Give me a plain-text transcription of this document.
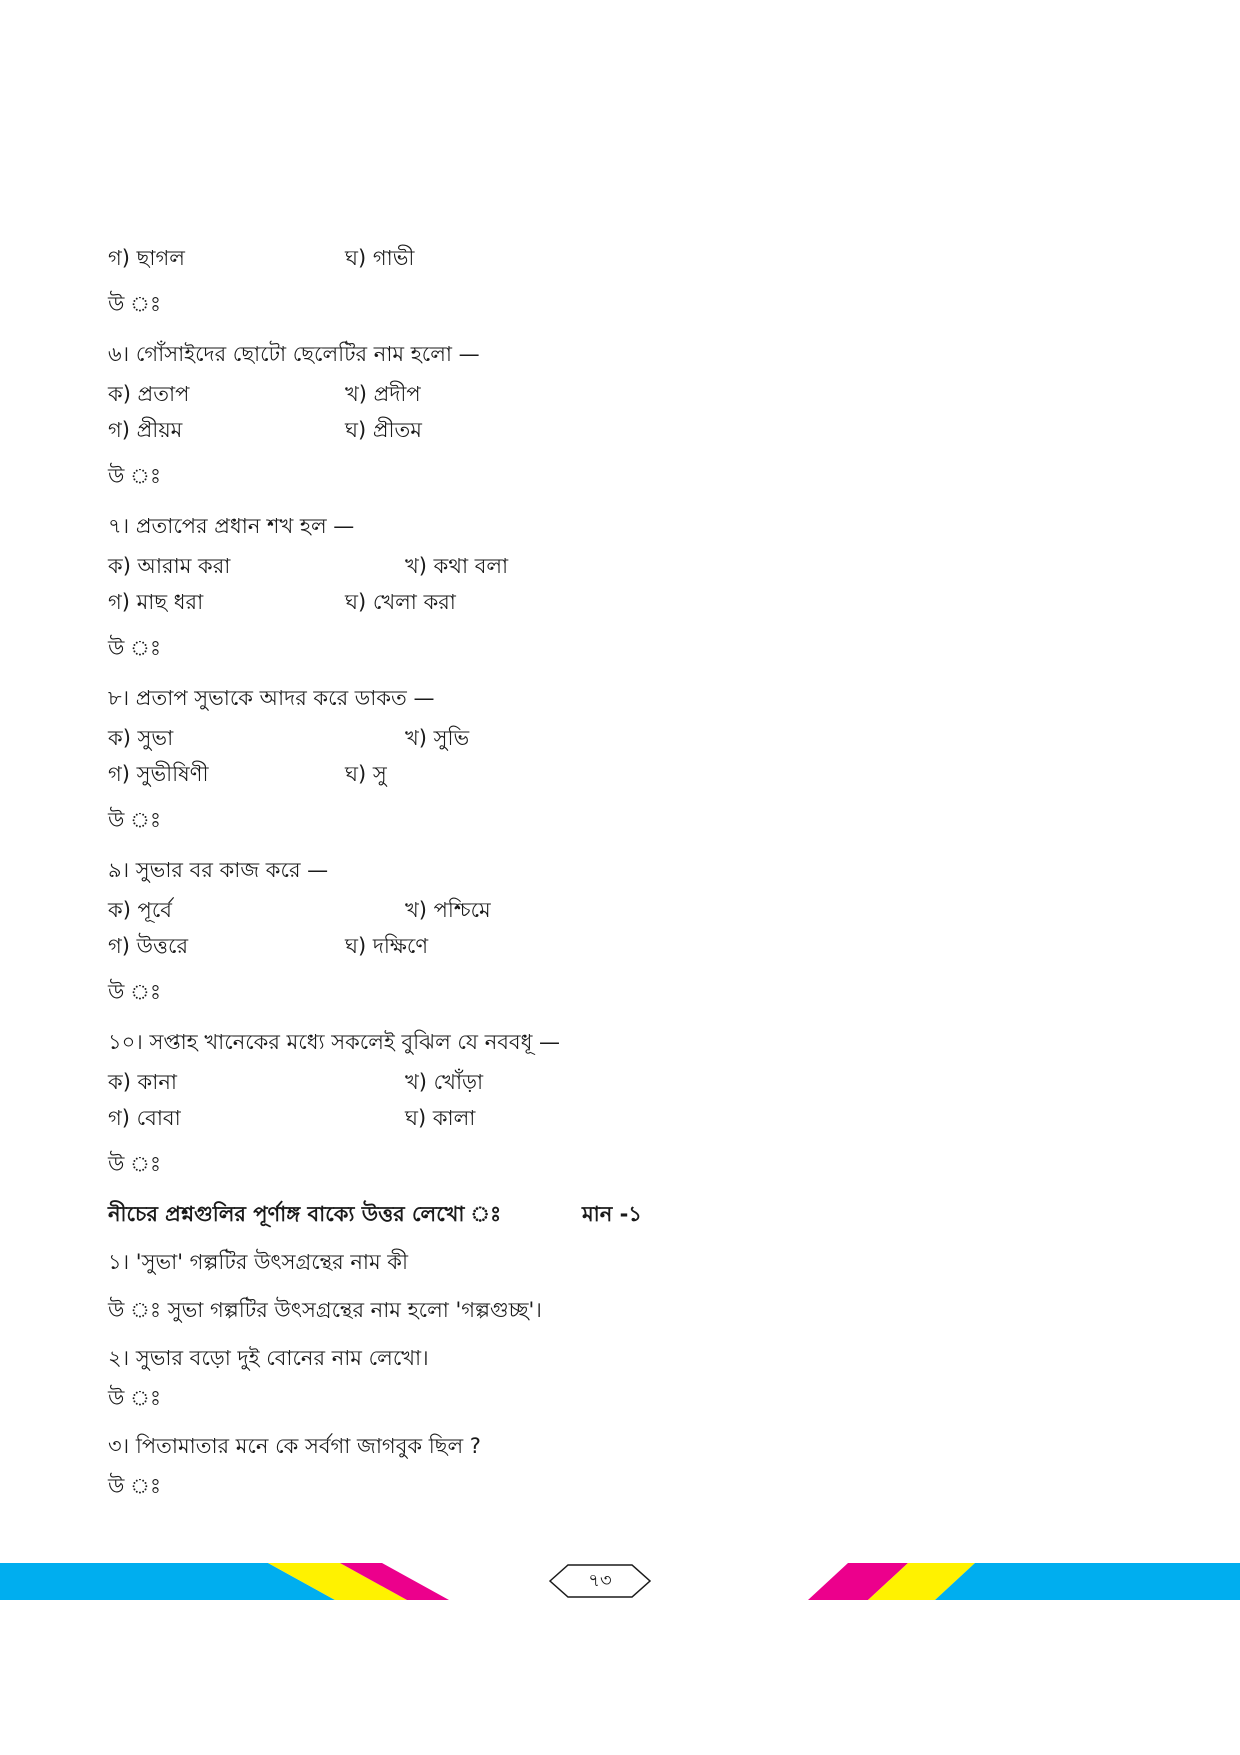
গ) ছাগল	ঘ) গাভী
উ ঃ
৬। গোঁসাইদের ছোটো ছেলেটির নাম হলো —
ক) প্রতাপ	খ) প্রদীপ
গ) প্রীয়ম	ঘ) প্রীতম
উ ঃ
৭। প্রতাপের প্রধান শখ হল —
ক) আরাম করা	খ) কথা বলা
গ) মাছ ধরা	ঘ) খেলা করা
উ ঃ
৮। প্রতাপ সুভাকে আদর করে ডাকত —
ক) সুভা	খ) সুভি
গ) সুভীষিণী	ঘ) সু
উ ঃ
৯। সুভার বর কাজ করে —
ক) পূর্বে	খ) পশ্চিমে
গ) উত্তরে	ঘ) দক্ষিণে
উ ঃ
১০। সপ্তাহ খানেকের মধ্যে সকলেই বুঝিল যে নববধূ —
ক) কানা	খ) খোঁড়া
গ) বোবা	ঘ) কালা
উ ঃ
নীচের প্রশ্নগুলির পূর্ণাঙ্গ বাক্যে উত্তর লেখো ঃ	মান -১
১। 'সুভা' গল্পটির উৎসগ্রন্থের নাম কী
উ ঃ সুভা গল্পটির উৎসগ্রন্থের নাম হলো 'গল্পগুচ্ছ'।
২। সুভার বড়ো দুই বোনের নাম লেখো।
উ ঃ
৩। পিতামাতার মনে কে সর্বগা জাগবুক ছিল ?
উ ঃ
৭৩
